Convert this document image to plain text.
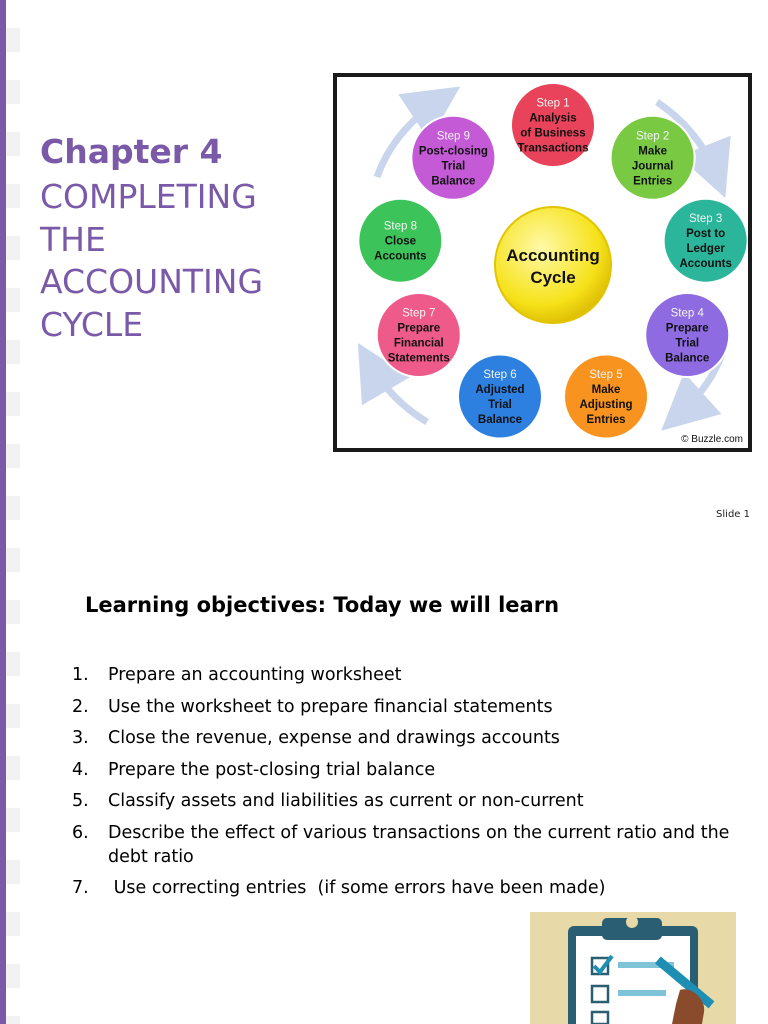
Chapter 4
COMPLETING
THE
ACCOUNTING
CYCLE
Step 1
Analysis
of Business
Transactions
Step 2
Make
Journal
Entries
Step 3
Post to
Ledger
Accounts
Step 4
Prepare
Trial
Balance
Step 5
Make
Adjusting
Entries
Step 6
Adjusted
Trial
Balance
Step 7
Prepare
Financial
Statements
Step 8
Close
Accounts
Step 9
Post-closing
Trial
Balance
Accounting
Cycle
© Buzzle.com
Slide 1
Learning objectives: Today we will learn
1.	Prepare an accounting worksheet
2.	Use the worksheet to prepare financial statements
3.	Close the revenue, expense and drawings accounts
4.	Prepare the post-closing trial balance
5.	Classify assets and liabilities as current or non-current
6.	Describe the effect of various transactions on the current ratio and the debt ratio
7.	Use correcting entries  (if some errors have been made)
